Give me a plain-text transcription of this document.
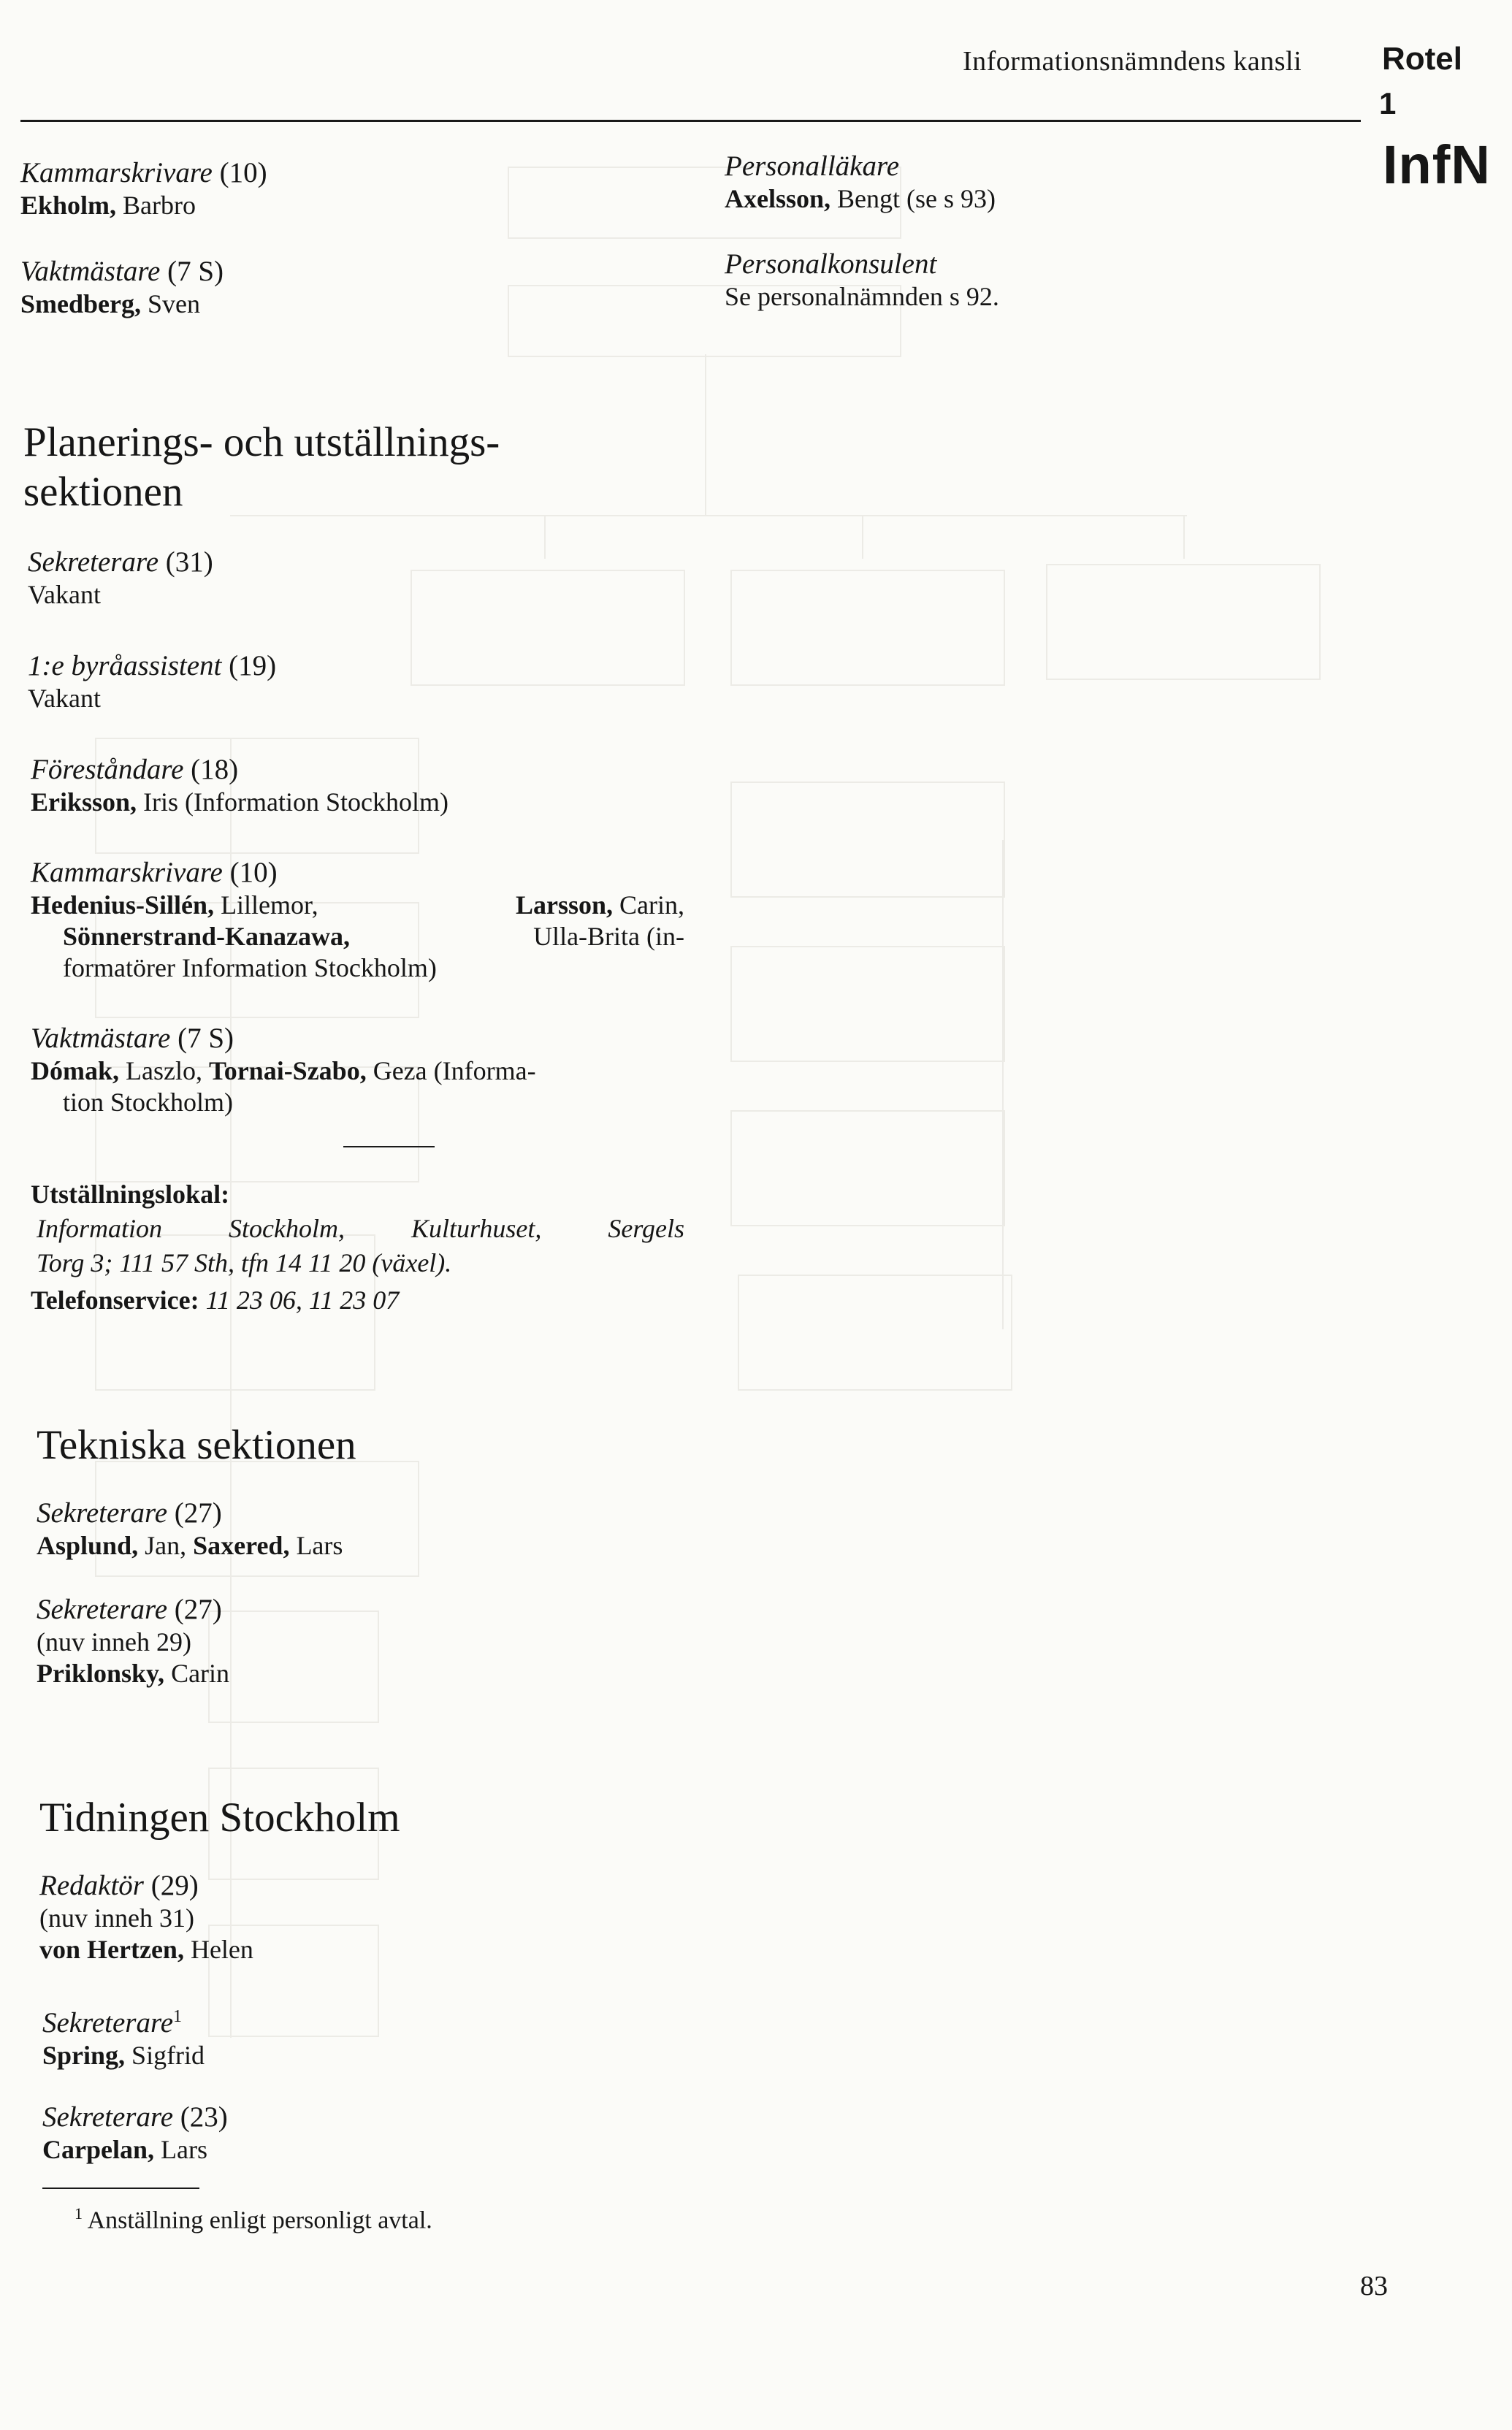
Informationsnämndens kansli Rotel
1
InfN
Kammarskrivare (10)
Ekholm, Barbro
Vaktmästare (7 S)
Smedberg, Sven
Personalläkare
Axelsson, Bengt (se s 93)
Personalkonsulent
Se personalnämnden s 92.
Planerings- och utställnings-
sektionen
Sekreterare (31)
Vakant
1:e byråassistent (19)
Vakant
Föreståndare (18)
Eriksson, Iris (Information Stockholm)
Kammarskrivare (10)
Hedenius-Sillén, Lillemor,	Larsson, Carin,
Sönnerstrand-Kanazawa,	Ulla-Brita (in-
formatörer Information Stockholm)
Vaktmästare (7 S)
Dómak, Laszlo, Tornai-Szabo, Geza (Informa-
tion Stockholm)
Utställningslokal:
Information Stockholm, Kulturhuset, Sergels
Torg 3; 111 57 Sth, tfn 14 11 20 (växel).
Telefonservice: 11 23 06, 11 23 07
Tekniska sektionen
Sekreterare (27)
Asplund, Jan, Saxered, Lars
Sekreterare (27)
(nuv inneh 29)
Priklonsky, Carin
Tidningen Stockholm
Redaktör (29)
(nuv inneh 31)
von Hertzen, Helen
Sekreterare$^1$
Spring, Sigfrid
Sekreterare (23)
Carpelan, Lars
$^1$ Anställning enligt personligt avtal.
83
